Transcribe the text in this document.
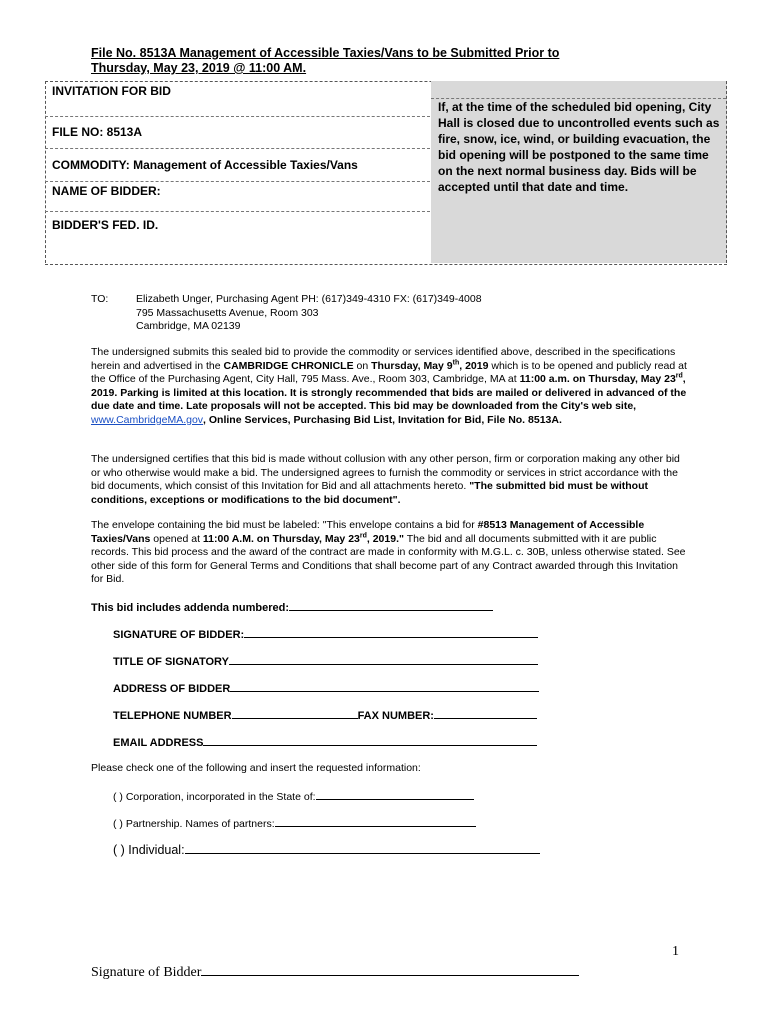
File No. 8513A Management of Accessible Taxies/Vans to be Submitted Prior to
Thursday, May 23, 2019 @ 11:00 AM.
INVITATION FOR BID
FILE NO: 8513A
COMMODITY: Management of Accessible Taxies/Vans
NAME OF BIDDER:
BIDDER'S FED. ID.
If, at the time of the scheduled bid opening, City Hall is closed due to uncontrolled events such as fire, snow, ice, wind, or building evacuation, the bid opening will be postponed to the same time on the next normal business day. Bids will be accepted until that date and time.
TO:	Elizabeth Unger, Purchasing Agent PH: (617)349-4310 FX: (617)349-4008
795 Massachusetts Avenue, Room 303
Cambridge, MA 02139
The undersigned submits this sealed bid to provide the commodity or services identified above, described in the specifications herein and advertised in the CAMBRIDGE CHRONICLE on Thursday, May 9th, 2019 which is to be opened and publicly read at the Office of the Purchasing Agent, City Hall, 795 Mass. Ave., Room 303, Cambridge, MA at 11:00 a.m. on Thursday, May 23rd, 2019. Parking is limited at this location. It is strongly recommended that bids are mailed or delivered in advanced of the due date and time. Late proposals will not be accepted. This bid may be downloaded from the City's web site, www.CambridgeMA.gov, Online Services, Purchasing Bid List, Invitation for Bid, File No. 8513A.
The undersigned certifies that this bid is made without collusion with any other person, firm or corporation making any other bid or who otherwise would make a bid. The undersigned agrees to furnish the commodity or services in strict accordance with the bid documents, which consist of this Invitation for Bid and all attachments hereto. "The submitted bid must be without conditions, exceptions or modifications to the bid document".
The envelope containing the bid must be labeled: "This envelope contains a bid for #8513 Management of Accessible Taxies/Vans opened at 11:00 A.M. on Thursday, May 23rd, 2019." The bid and all documents submitted with it are public records. This bid process and the award of the contract are made in conformity with M.G.L. c. 30B, unless otherwise stated. See other side of this form for General Terms and Conditions that shall become part of any Contract awarded through this Invitation for Bid.
This bid includes addenda numbered:
SIGNATURE OF BIDDER:
TITLE OF SIGNATORY
ADDRESS OF BIDDER
TELEPHONE NUMBER	FAX NUMBER:
EMAIL ADDRESS
Please check one of the following and insert the requested information:
( ) Corporation, incorporated in the State of:
( ) Partnership. Names of partners:
( ) Individual:
1
Signature of Bidder
